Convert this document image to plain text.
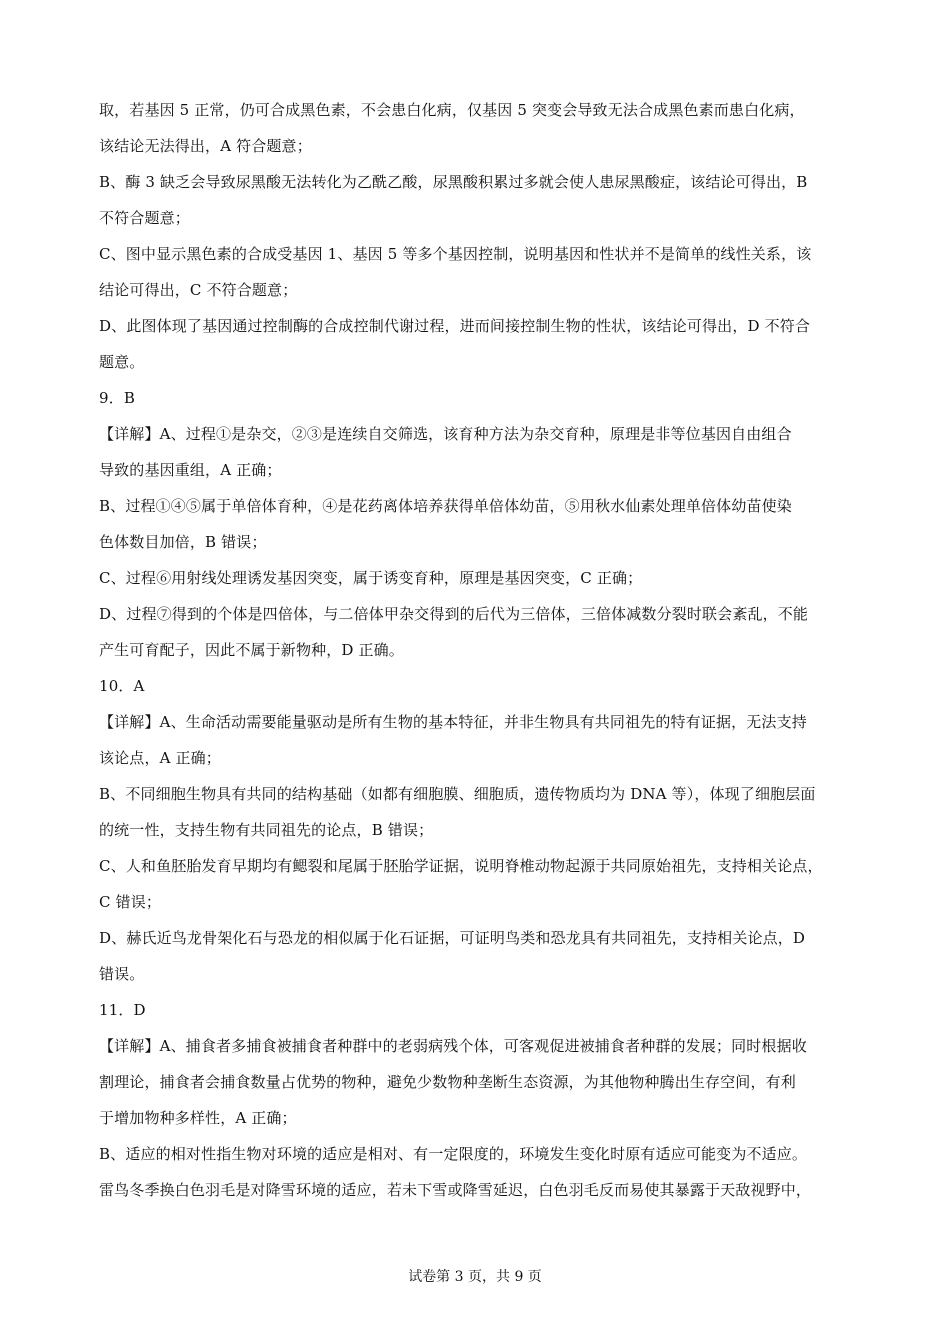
取，若基因 5 正常，仍可合成黑色素，不会患白化病，仅基因 5 突变会导致无法合成黑色素而患白化病，
该结论无法得出，A 符合题意；
B、酶 3 缺乏会导致尿黑酸无法转化为乙酰乙酸，尿黑酸积累过多就会使人患尿黑酸症，该结论可得出，B
不符合题意；
C、图中显示黑色素的合成受基因 1、基因 5 等多个基因控制，说明基因和性状并不是简单的线性关系，该
结论可得出，C 不符合题意；
D、此图体现了基因通过控制酶的合成控制代谢过程，进而间接控制生物的性状，该结论可得出，D 不符合
题意。
9．B
【详解】A、过程①是杂交，②③是连续自交筛选，该育种方法为杂交育种，原理是非等位基因自由组合
导致的基因重组，A 正确；
B、过程①④⑤属于单倍体育种，④是花药离体培养获得单倍体幼苗，⑤用秋水仙素处理单倍体幼苗使染
色体数目加倍，B 错误；
C、过程⑥用射线处理诱发基因突变，属于诱变育种，原理是基因突变，C 正确；
D、过程⑦得到的个体是四倍体，与二倍体甲杂交得到的后代为三倍体，三倍体减数分裂时联会紊乱，不能
产生可育配子，因此不属于新物种，D 正确。
10．A
【详解】A、生命活动需要能量驱动是所有生物的基本特征，并非生物具有共同祖先的特有证据，无法支持
该论点，A 正确；
B、不同细胞生物具有共同的结构基础（如都有细胞膜、细胞质，遗传物质均为 DNA 等），体现了细胞层面
的统一性，支持生物有共同祖先的论点，B 错误；
C、人和鱼胚胎发育早期均有鳃裂和尾属于胚胎学证据，说明脊椎动物起源于共同原始祖先，支持相关论点，
C 错误；
D、赫氏近鸟龙骨架化石与恐龙的相似属于化石证据，可证明鸟类和恐龙具有共同祖先，支持相关论点，D
错误。
11．D
【详解】A、捕食者多捕食被捕食者种群中的老弱病残个体，可客观促进被捕食者种群的发展；同时根据收
割理论，捕食者会捕食数量占优势的物种，避免少数物种垄断生态资源，为其他物种腾出生存空间，有利
于增加物种多样性，A 正确；
B、适应的相对性指生物对环境的适应是相对、有一定限度的，环境发生变化时原有适应可能变为不适应。
雷鸟冬季换白色羽毛是对降雪环境的适应，若未下雪或降雪延迟，白色羽毛反而易使其暴露于天敌视野中，
试卷第 3 页，共 9 页
